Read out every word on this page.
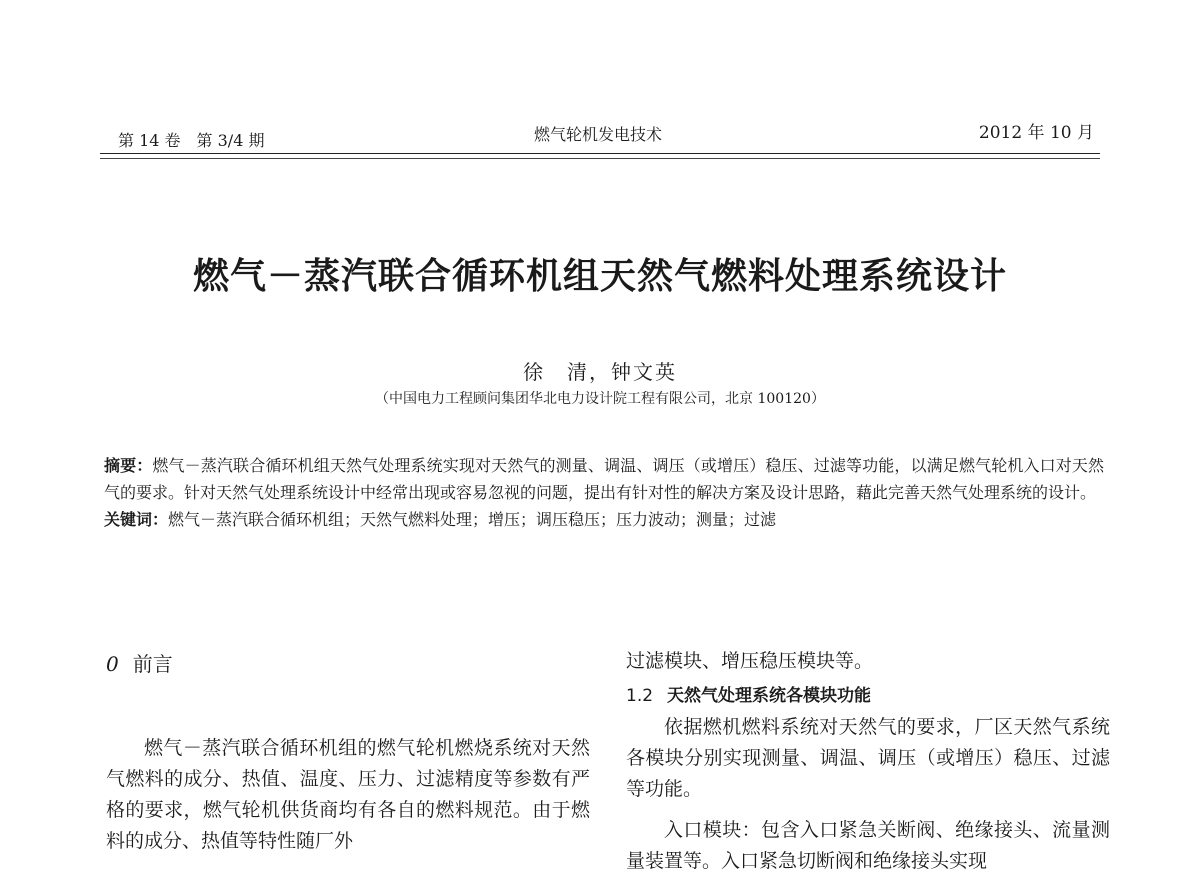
第 14 卷　第 3/4 期	燃气轮机发电技术	2012 年 10 月
燃气－蒸汽联合循环机组天然气燃料处理系统设计
徐　清，钟文英
（中国电力工程顾问集团华北电力设计院工程有限公司，北京 100120）

摘要：燃气－蒸汽联合循环机组天然气处理系统实现对天然气的测量、调温、调压（或增压）稳压、过滤等功能，以满足燃气轮机入口对天然气的要求。针对天然气处理系统设计中经常出现或容易忽视的问题，提出有针对性的解决方案及设计思路，藉此完善天然气处理系统的设计。

关键词：燃气－蒸汽联合循环机组；天然气燃料处理；增压；调压稳压；压力波动；测量；过滤

0 前言

燃气－蒸汽联合循环机组的燃气轮机燃烧系统对天然气燃料的成分、热值、温度、压力、过滤精度等参数有严格的要求，燃气轮机供货商均有各自的燃料规范。由于燃料的成分、热值等特性随厂外

过滤模块、增压稳压模块等。

1.2 天然气处理系统各模块功能

依据燃机燃料系统对天然气的要求，厂区天然气系统各模块分别实现测量、调温、调压（或增压）稳压、过滤等功能。

入口模块：包含入口紧急关断阀、绝缘接头、流量测量装置等。入口紧急切断阀和绝缘接头实现
